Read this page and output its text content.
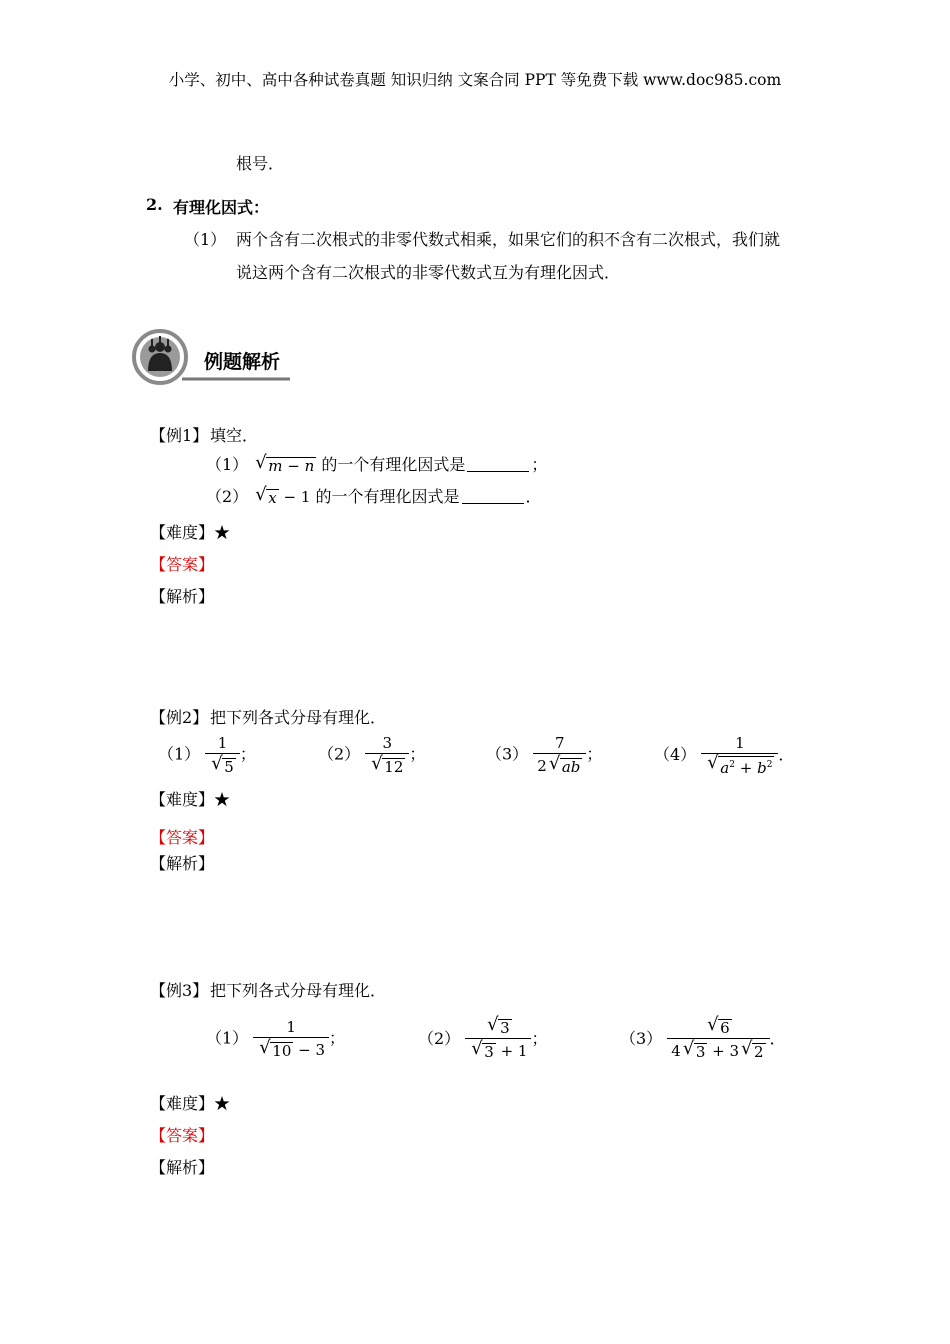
小学、初中、高中各种试卷真题 知识归纳 文案合同 PPT 等免费下载 www.doc985.com
根号．
2. 有理化因式：
（1） 两个含有二次根式的非零代数式相乘，如果它们的积不含有二次根式，我们就
说这两个含有二次根式的非零代数式互为有理化因式．
例题解析
【例1】 填空．
（1） √ m − n 的一个有理化因式是	；
（2） √ x − 1 的一个有理化因式是	．
【难度】★
【答案】
【解析】
【例2】 把下列各式分母有理化．
$(1) \frac{1}{√ 5}$ ；	$(2) \frac{3}{√ 12}$ ；	$(3) \frac{7}{2 √ ab}$ ；	$(4) \frac{1}{√ a^2 + b^2}$ ．
【难度】★
【答案】
【解析】
【例3】 把下列各式分母有理化．
$(1) \frac{1}{√ 10 - 3}$ ；	$(2) \frac{√ 3}{√ 3 + 1}$ ；	$(3) \frac{√ 6}{4 √ 3 + 3 √ 2}$ ．
【难度】★
【答案】
【解析】
